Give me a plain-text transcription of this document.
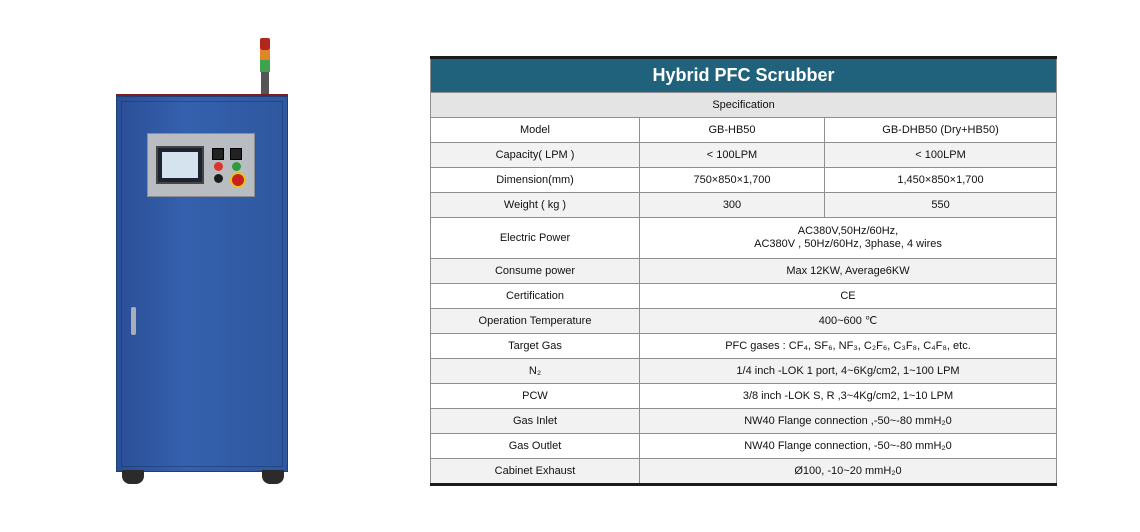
Hybrid PFC Scrubber		
Specification		
Model	GB-HB50	GB-DHB50 (Dry+HB50)
Capacity( LPM )	< 100LPM	< 100LPM
Dimension(mm)	750×850×1,700	1,450×850×1,700
Weight ( kg )	300	550
Electric Power	AC380V,50Hz/60Hz,
AC380V , 50Hz/60Hz, 3phase, 4 wires	

Consume power	Max 12KW, Average6KW	
Certification	CE	
Operation Temperature	400~600 ℃	
Target Gas	PFC gases : CF₄, SF₆, NF₃, C₂F₆, C₃F₈, C₄F₈, etc.	
N₂	1/4 inch -LOK 1 port, 4~6Kg/cm2, 1~100 LPM	
PCW	3/8 inch -LOK S, R ,3~4Kg/cm2, 1~10 LPM	
Gas Inlet	NW40 Flange connection ,-50~-80 mmH₂0	
Gas Outlet	NW40 Flange connection, -50~-80 mmH₂0	
Cabinet Exhaust	Ø100, -10~20 mmH₂0	
